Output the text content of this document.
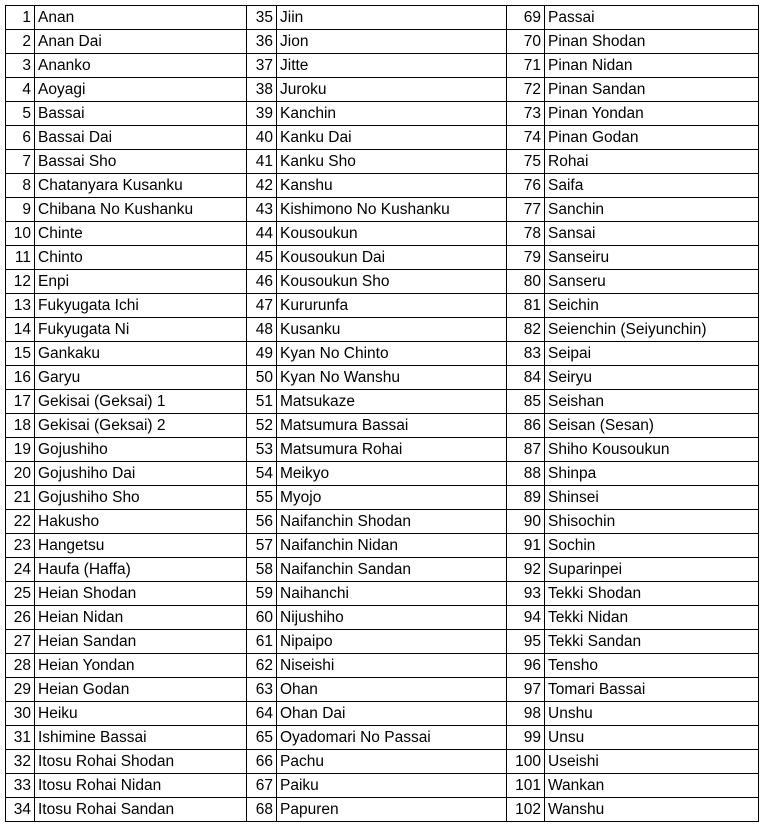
1	Anan	35	Jiin	69	Passai
2	Anan Dai	36	Jion	70	Pinan Shodan
3	Ananko	37	Jitte	71	Pinan Nidan
4	Aoyagi	38	Juroku	72	Pinan Sandan
5	Bassai	39	Kanchin	73	Pinan Yondan
6	Bassai Dai	40	Kanku Dai	74	Pinan Godan
7	Bassai Sho	41	Kanku Sho	75	Rohai
8	Chatanyara Kusanku	42	Kanshu	76	Saifa
9	Chibana No Kushanku	43	Kishimono No Kushanku	77	Sanchin
10	Chinte	44	Kousoukun	78	Sansai
11	Chinto	45	Kousoukun Dai	79	Sanseiru
12	Enpi	46	Kousoukun Sho	80	Sanseru
13	Fukyugata Ichi	47	Kururunfa	81	Seichin
14	Fukyugata Ni	48	Kusanku	82	Seienchin (Seiyunchin)
15	Gankaku	49	Kyan No Chinto	83	Seipai
16	Garyu	50	Kyan No Wanshu	84	Seiryu
17	Gekisai (Geksai) 1	51	Matsukaze	85	Seishan
18	Gekisai (Geksai) 2	52	Matsumura Bassai	86	Seisan (Sesan)
19	Gojushiho	53	Matsumura Rohai	87	Shiho Kousoukun
20	Gojushiho Dai	54	Meikyo	88	Shinpa
21	Gojushiho Sho	55	Myojo	89	Shinsei
22	Hakusho	56	Naifanchin Shodan	90	Shisochin
23	Hangetsu	57	Naifanchin Nidan	91	Sochin
24	Haufa (Haffa)	58	Naifanchin Sandan	92	Suparinpei
25	Heian Shodan	59	Naihanchi	93	Tekki Shodan
26	Heian Nidan	60	Nijushiho	94	Tekki Nidan
27	Heian Sandan	61	Nipaipo	95	Tekki Sandan
28	Heian Yondan	62	Niseishi	96	Tensho
29	Heian Godan	63	Ohan	97	Tomari Bassai
30	Heiku	64	Ohan Dai	98	Unshu
31	Ishimine Bassai	65	Oyadomari No Passai	99	Unsu
32	Itosu Rohai Shodan	66	Pachu	100	Useishi
33	Itosu Rohai Nidan	67	Paiku	101	Wankan
34	Itosu Rohai Sandan	68	Papuren	102	Wanshu
